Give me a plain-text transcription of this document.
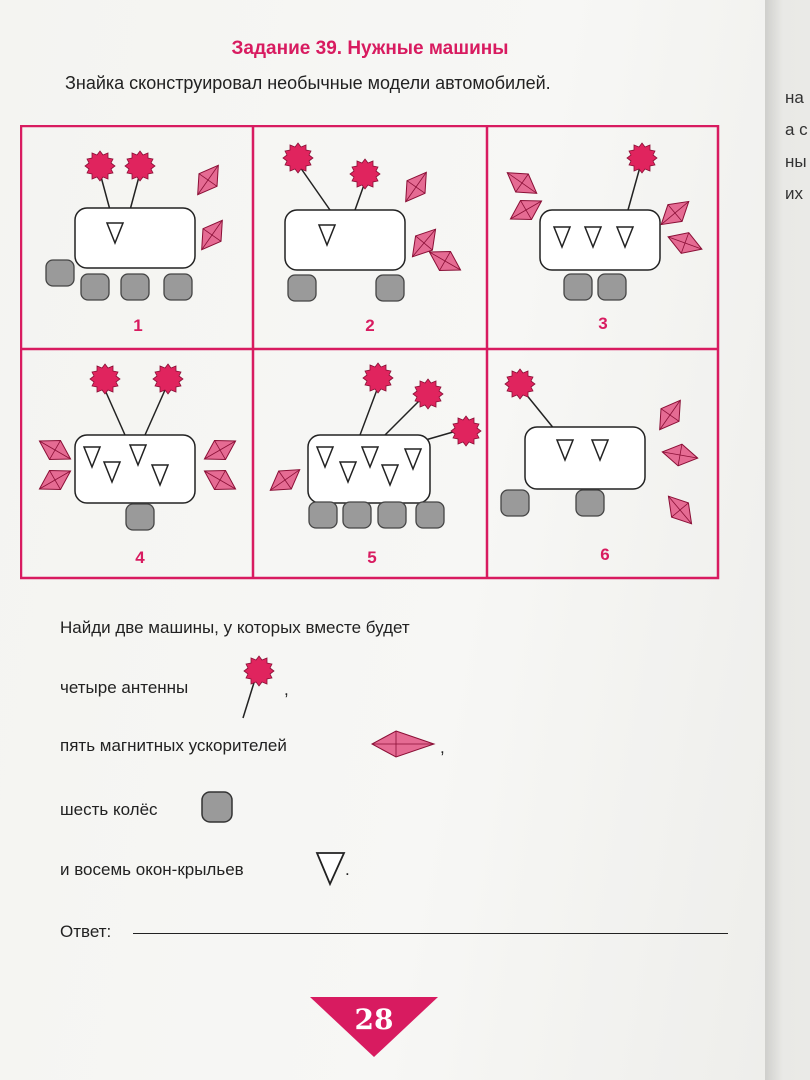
Задание 39. Нужные машины
Знайка сконструировал необычные модели автомобилей.
1	2	3
4	5	6
Найди две машины, у которых вместе будет
четыре антенны	,
пять магнитных ускорителей	,
шесть колёс
и восемь окон-крыльев	.
Ответ:
28
на
а с
ны
их
